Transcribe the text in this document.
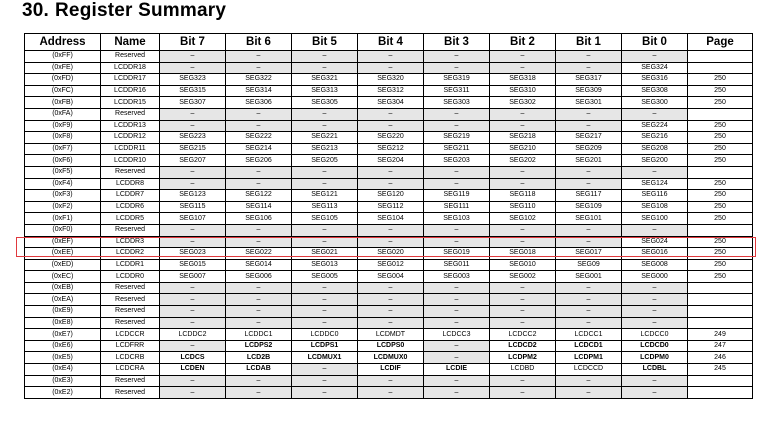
30. Register Summary
Address	Name	Bit 7	Bit 6	Bit 5	Bit 4	Bit 3	Bit 2	Bit 1	Bit 0	Page
(0xFF)	Reserved	–	–	–	–	–	–	–	–	
(0xFE)	LCDDR18	–	–	–	–	–	–	–	SEG324	
(0xFD)	LCDDR17	SEG323	SEG322	SEG321	SEG320	SEG319	SEG318	SEG317	SEG316	250
(0xFC)	LCDDR16	SEG315	SEG314	SEG313	SEG312	SEG311	SEG310	SEG309	SEG308	250
(0xFB)	LCDDR15	SEG307	SEG306	SEG305	SEG304	SEG303	SEG302	SEG301	SEG300	250
(0xFA)	Reserved	–	–	–	–	–	–	–	–	
(0xF9)	LCDDR13	–	–	–	–	–	–	–	SEG224	250
(0xF8)	LCDDR12	SEG223	SEG222	SEG221	SEG220	SEG219	SEG218	SEG217	SEG216	250
(0xF7)	LCDDR11	SEG215	SEG214	SEG213	SEG212	SEG211	SEG210	SEG209	SEG208	250
(0xF6)	LCDDR10	SEG207	SEG206	SEG205	SEG204	SEG203	SEG202	SEG201	SEG200	250
(0xF5)	Reserved	–	–	–	–	–	–	–	–	
(0xF4)	LCDDR8	–	–	–	–	–	–	–	SEG124	250
(0xF3)	LCDDR7	SEG123	SEG122	SEG121	SEG120	SEG119	SEG118	SEG117	SEG116	250
(0xF2)	LCDDR6	SEG115	SEG114	SEG113	SEG112	SEG111	SEG110	SEG109	SEG108	250
(0xF1)	LCDDR5	SEG107	SEG106	SEG105	SEG104	SEG103	SEG102	SEG101	SEG100	250
(0xF0)	Reserved	–	–	–	–	–	–	–	–	
(0xEF)	LCDDR3	–	–	–	–	–	–	–	SEG024	250
(0xEE)	LCDDR2	SEG023	SEG022	SEG021	SEG020	SEG019	SEG018	SEG017	SEG016	250
(0xED)	LCDDR1	SEG015	SEG014	SEG013	SEG012	SEG011	SEG010	SEG09	SEG008	250
(0xEC)	LCDDR0	SEG007	SEG006	SEG005	SEG004	SEG003	SEG002	SEG001	SEG000	250
(0xEB)	Reserved	–	–	–	–	–	–	–	–	
(0xEA)	Reserved	–	–	–	–	–	–	–	–	
(0xE9)	Reserved	–	–	–	–	–	–	–	–	
(0xE8)	Reserved	–	–	–	–	–	–	–	–	
(0xE7)	LCDCCR	LCDDC2	LCDDC1	LCDDC0	LCDMDT	LCDCC3	LCDCC2	LCDCC1	LCDCC0	249
(0xE6)	LCDFRR	–	LCDPS2	LCDPS1	LCDPS0	–	LCDCD2	LCDCD1	LCDCD0	247
(0xE5)	LCDCRB	LCDCS	LCD2B	LCDMUX1	LCDMUX0	–	LCDPM2	LCDPM1	LCDPM0	246
(0xE4)	LCDCRA	LCDEN	LCDAB	–	LCDIF	LCDIE	LCDBD	LCDCCD	LCDBL	245
(0xE3)	Reserved	–	–	–	–	–	–	–	–	
(0xE2)	Reserved	–	–	–	–	–	–	–	–	
